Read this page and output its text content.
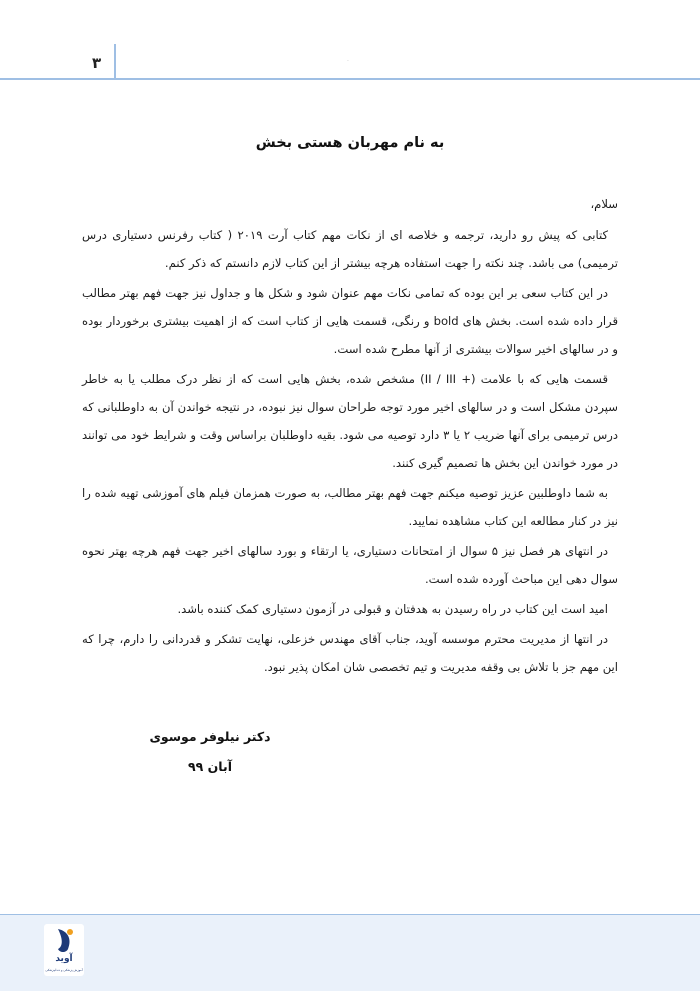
۳	·
به نام مهربان هستی بخش

سلام،

کتابی که پیش رو دارید، ترجمه و خلاصه ای از نکات مهم کتاب آرت ۲۰۱۹ ( کتاب رفرنس دستیاری درس ترمیمی) می باشد. چند نکته را جهت استفاده هرچه بیشتر از این کتاب لازم دانستم که ذکر کنم.

در این کتاب سعی بر این بوده که تمامی نکات مهم عنوان شود و شکل ها و جداول نیز جهت فهم بهتر مطالب قرار داده شده است. بخش های bold و رنگی، قسمت هایی از کتاب است که از اهمیت بیشتری برخوردار بوده و در سالهای اخیر سوالات بیشتری از آنها مطرح شده است.

قسمت هایی که با علامت (+ II / III) مشخص شده، بخش هایی است که از نظر درک مطلب یا به خاطر سپردن مشکل است و در سالهای اخیر مورد توجه طراحان سوال نیز نبوده، در نتیجه خواندن آن به داوطلبانی که درس ترمیمی برای آنها ضریب ۲ یا ۳ دارد توصیه می شود. بقیه داوطلبان براساس وقت و شرایط خود می توانند در مورد خواندن این بخش ها تصمیم گیری کنند.

به شما داوطلبین عزیز توصیه میکنم جهت فهم بهتر مطالب، به صورت همزمان فیلم های آموزشی تهیه شده را نیز در کنار مطالعه این کتاب مشاهده نمایید.

در انتهای هر فصل نیز ۵ سوال از امتحانات دستیاری، یا ارتقاء و بورد سالهای اخیر جهت فهم هرچه بهتر نحوه سوال دهی این مباحث آورده شده است.

امید است این کتاب در راه رسیدن به هدفتان و قبولی در آزمون دستیاری کمک کننده باشد.

در انتها از مدیریت محترم موسسه آوید، جناب آقای مهندس خزعلی، نهایت تشکر و قدردانی را دارم، چرا که این مهم جز با تلاش بی وقفه مدیریت و تیم تخصصی شان امکان پذیر نبود.

دکتر نیلوفر موسوی
آبان ۹۹
آوید
آموزش پزشکی و دندانپزشکی
